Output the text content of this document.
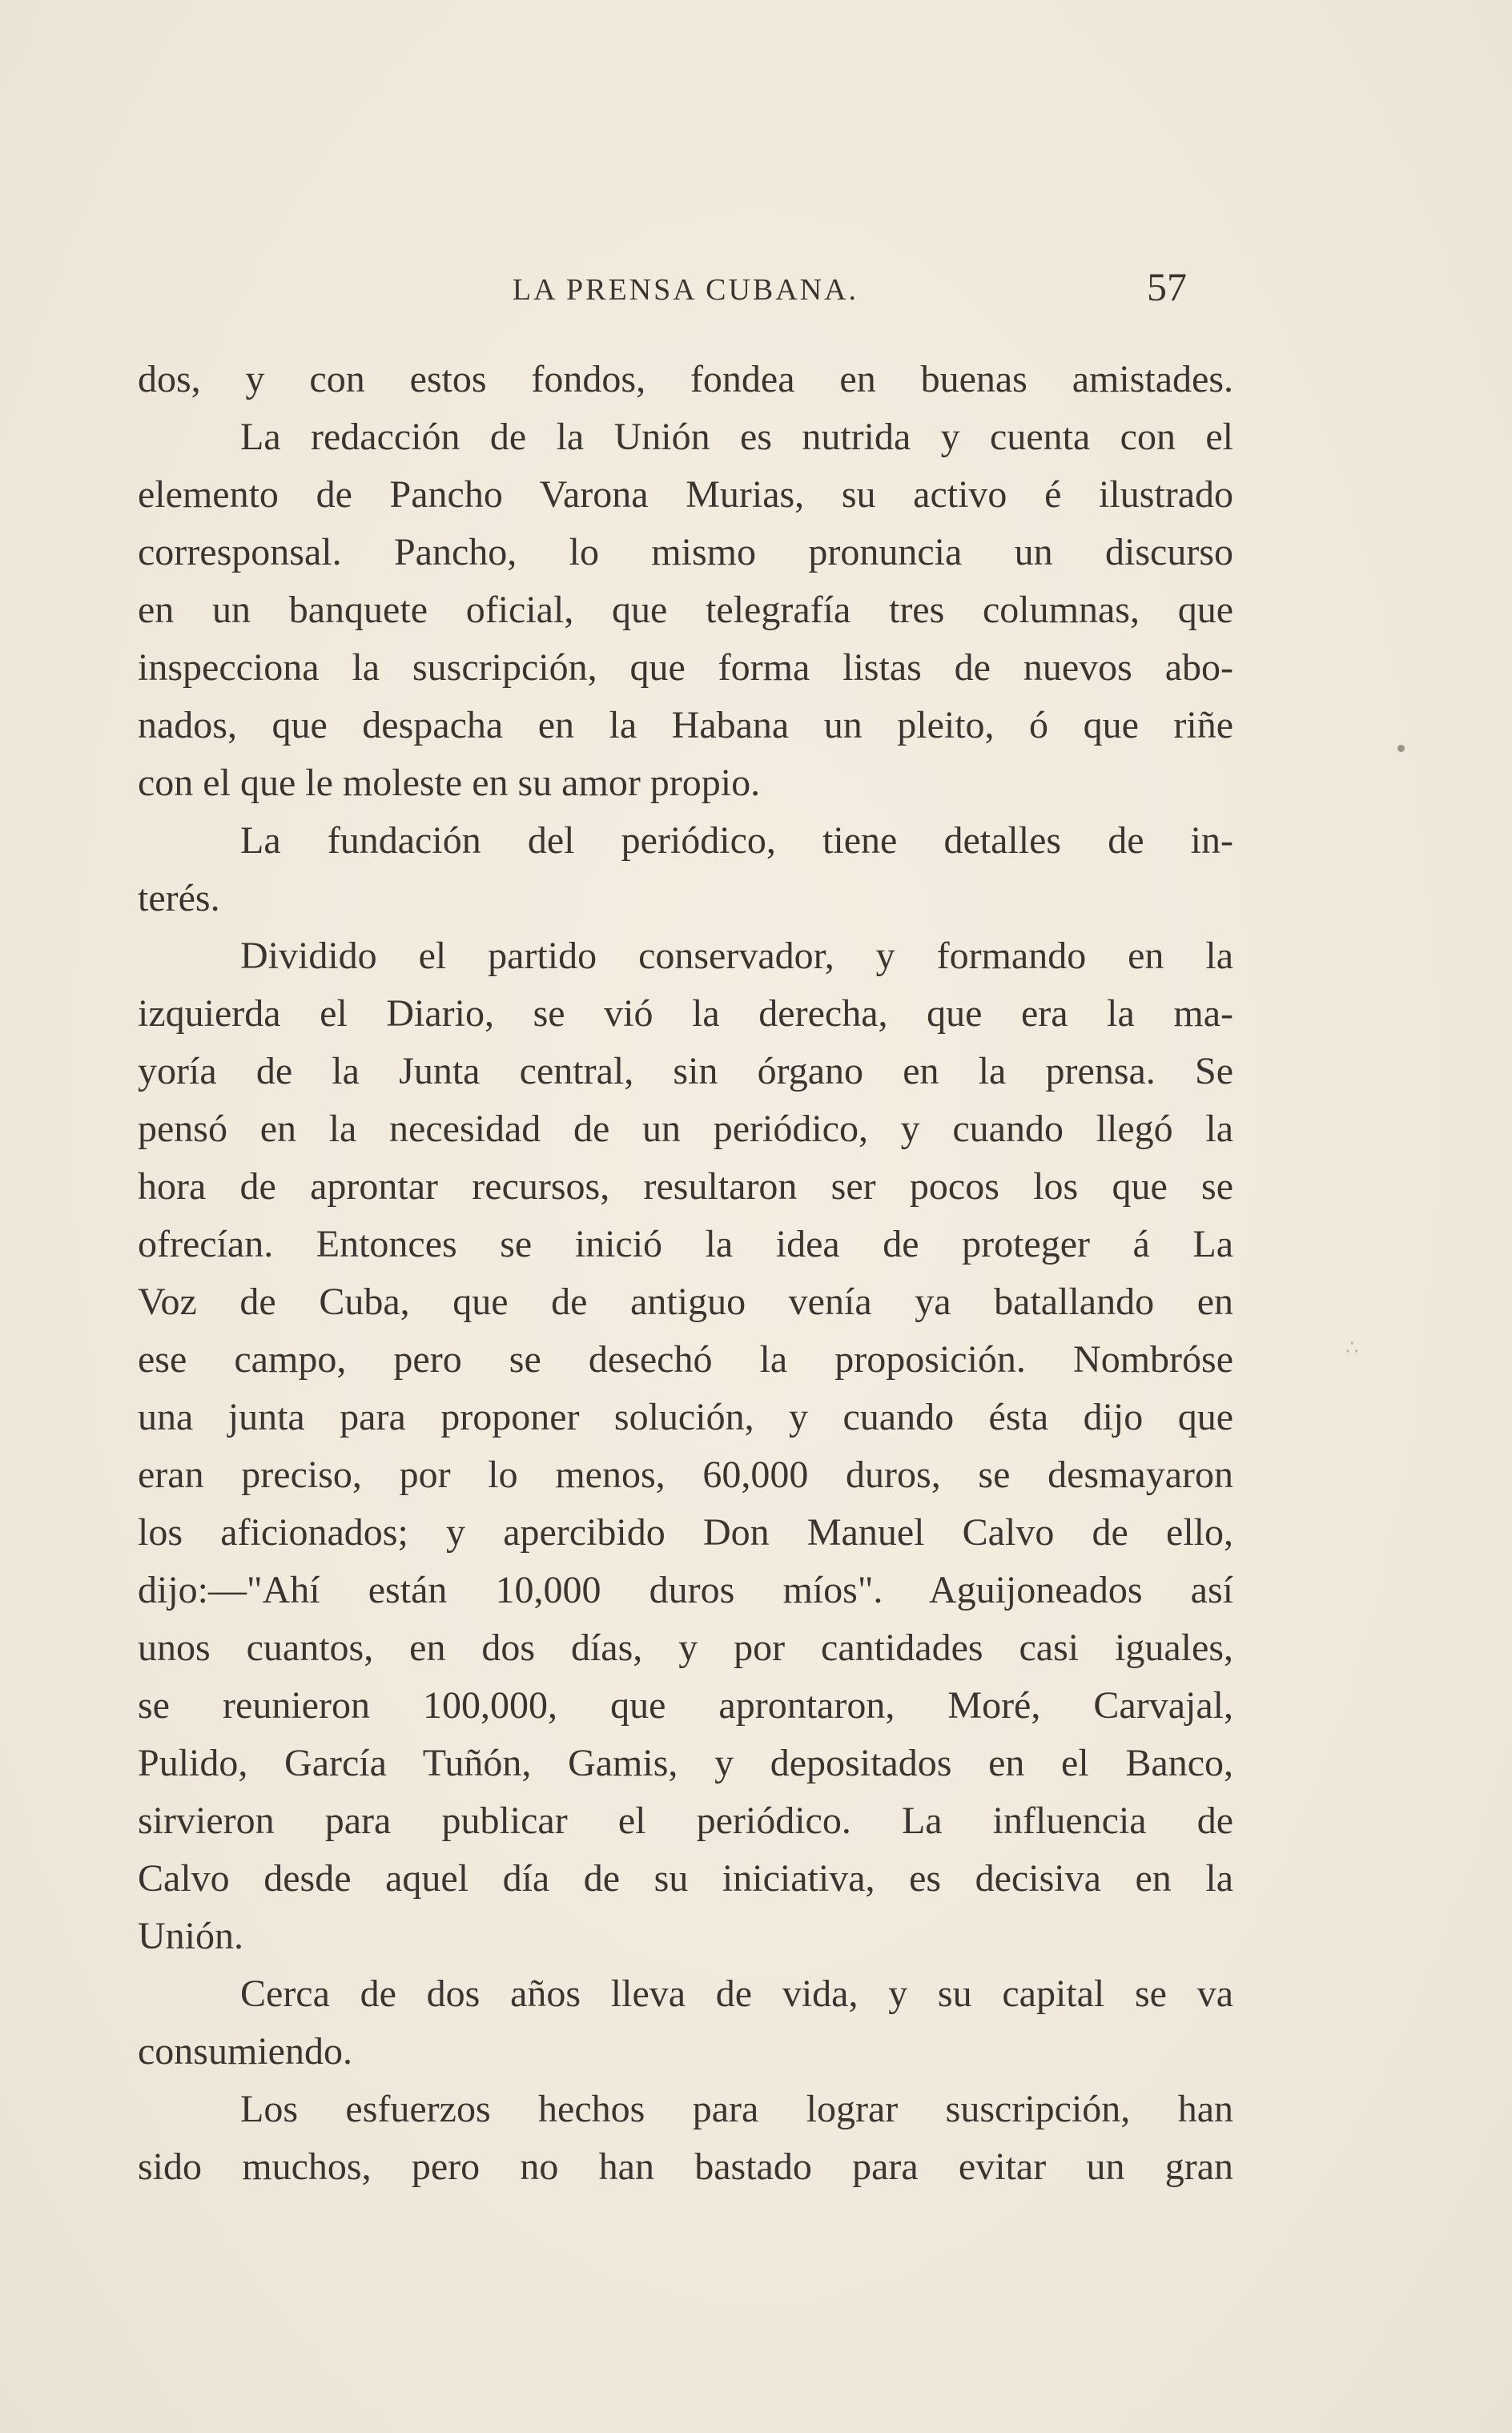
LA PRENSA CUBANA.	57
dos, y con estos fondos, fondea en buenas amistades.
La redacción de la Unión es nutrida y cuenta con el
elemento de Pancho Varona Murias, su activo é ilustrado
corresponsal. Pancho, lo mismo pronuncia un discurso
en un banquete oficial, que telegrafía tres columnas, que
inspecciona la suscripción, que forma listas de nuevos abo-
nados, que despacha en la Habana un pleito, ó que riñe
con el que le moleste en su amor propio.
La fundación del periódico, tiene detalles de in-
terés.
Dividido el partido conservador, y formando en la
izquierda el Diario, se vió la derecha, que era la ma-
yoría de la Junta central, sin órgano en la prensa. Se
pensó en la necesidad de un periódico, y cuando llegó la
hora de aprontar recursos, resultaron ser pocos los que se
ofrecían. Entonces se inició la idea de proteger á La
Voz de Cuba, que de antiguo venía ya batallando en
ese campo, pero se desechó la proposición. Nombróse
una junta para proponer solución, y cuando ésta dijo que
eran preciso, por lo menos, 60,000 duros, se desmayaron
los aficionados; y apercibido Don Manuel Calvo de ello,
dijo:—"Ahí están 10,000 duros míos". Aguijoneados así
unos cuantos, en dos días, y por cantidades casi iguales,
se reunieron 100,000, que aprontaron, Moré, Carvajal,
Pulido, García Tuñón, Gamis, y depositados en el Banco,
sirvieron para publicar el periódico. La influencia de
Calvo desde aquel día de su iniciativa, es decisiva en la
Unión.
Cerca de dos años lleva de vida, y su capital se va
consumiendo.
Los esfuerzos hechos para lograr suscripción, han
sido muchos, pero no han bastado para evitar un gran
∴
